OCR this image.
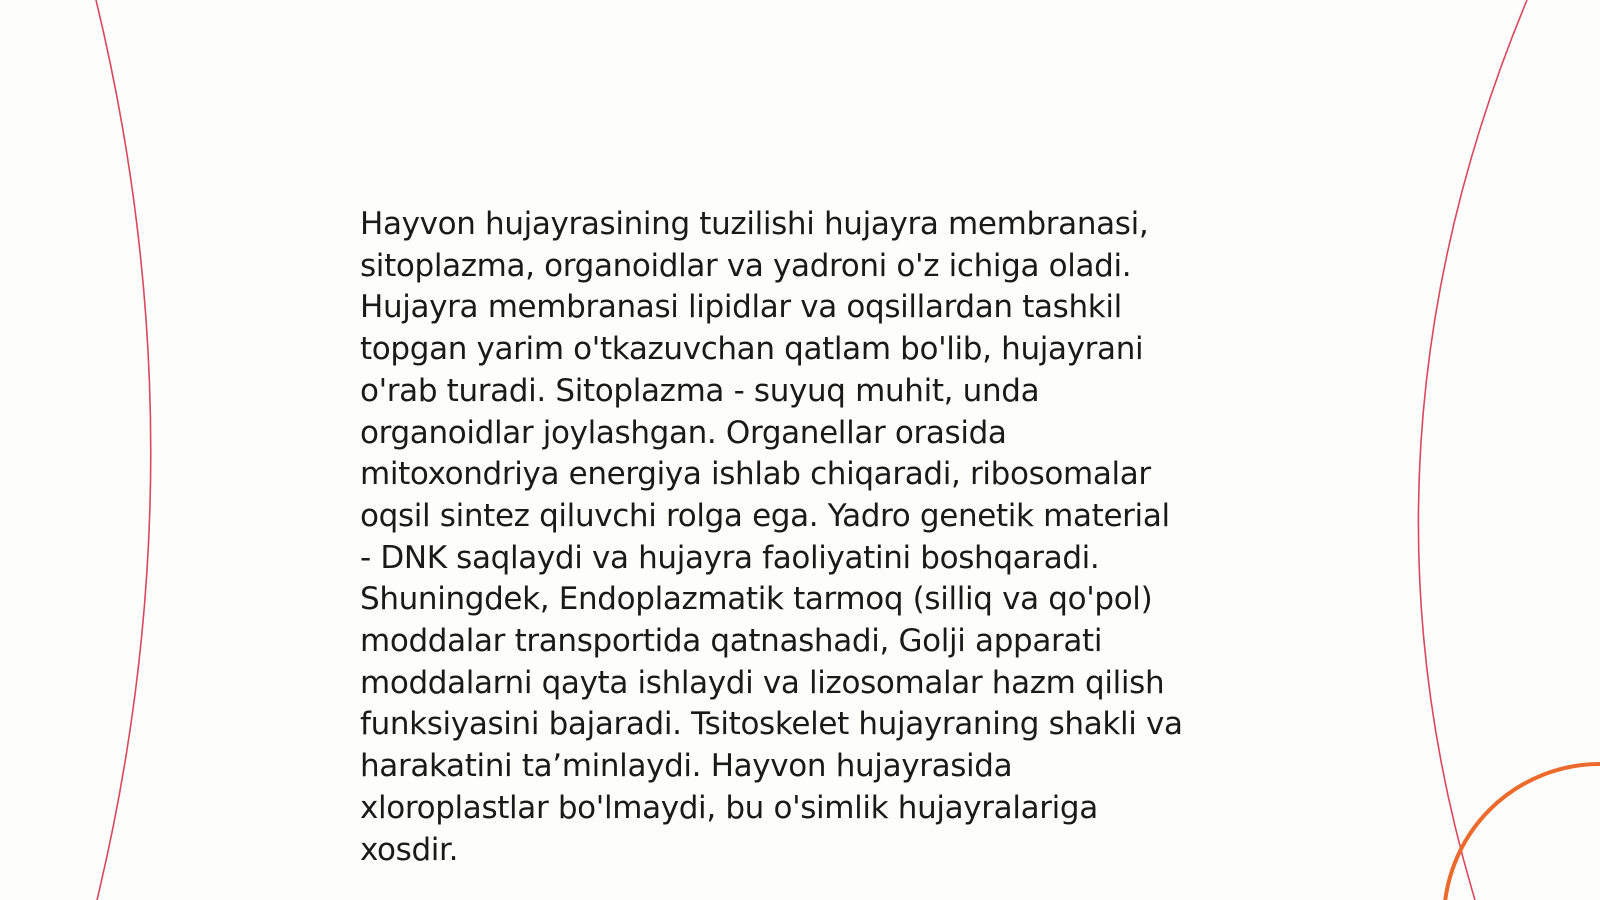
Hayvon hujayrasining tuzilishi hujayra membranasi,
sitoplazma, organoidlar va yadroni o'z ichiga oladi.
Hujayra membranasi lipidlar va oqsillardan tashkil
topgan yarim o'tkazuvchan qatlam bo'lib, hujayrani
o'rab turadi. Sitoplazma - suyuq muhit, unda
organoidlar joylashgan. Organellar orasida
mitoxondriya energiya ishlab chiqaradi, ribosomalar
oqsil sintez qiluvchi rolga ega. Yadro genetik material
- DNK saqlaydi va hujayra faoliyatini boshqaradi.
Shuningdek, Endoplazmatik tarmoq (silliq va qo'pol)
moddalar transportida qatnashadi, Golji apparati
moddalarni qayta ishlaydi va lizosomalar hazm qilish
funksiyasini bajaradi. Tsitoskelet hujayraning shakli va
harakatini ta’minlaydi. Hayvon hujayrasida
xloroplastlar bo'lmaydi, bu o'simlik hujayralariga
xosdir.
